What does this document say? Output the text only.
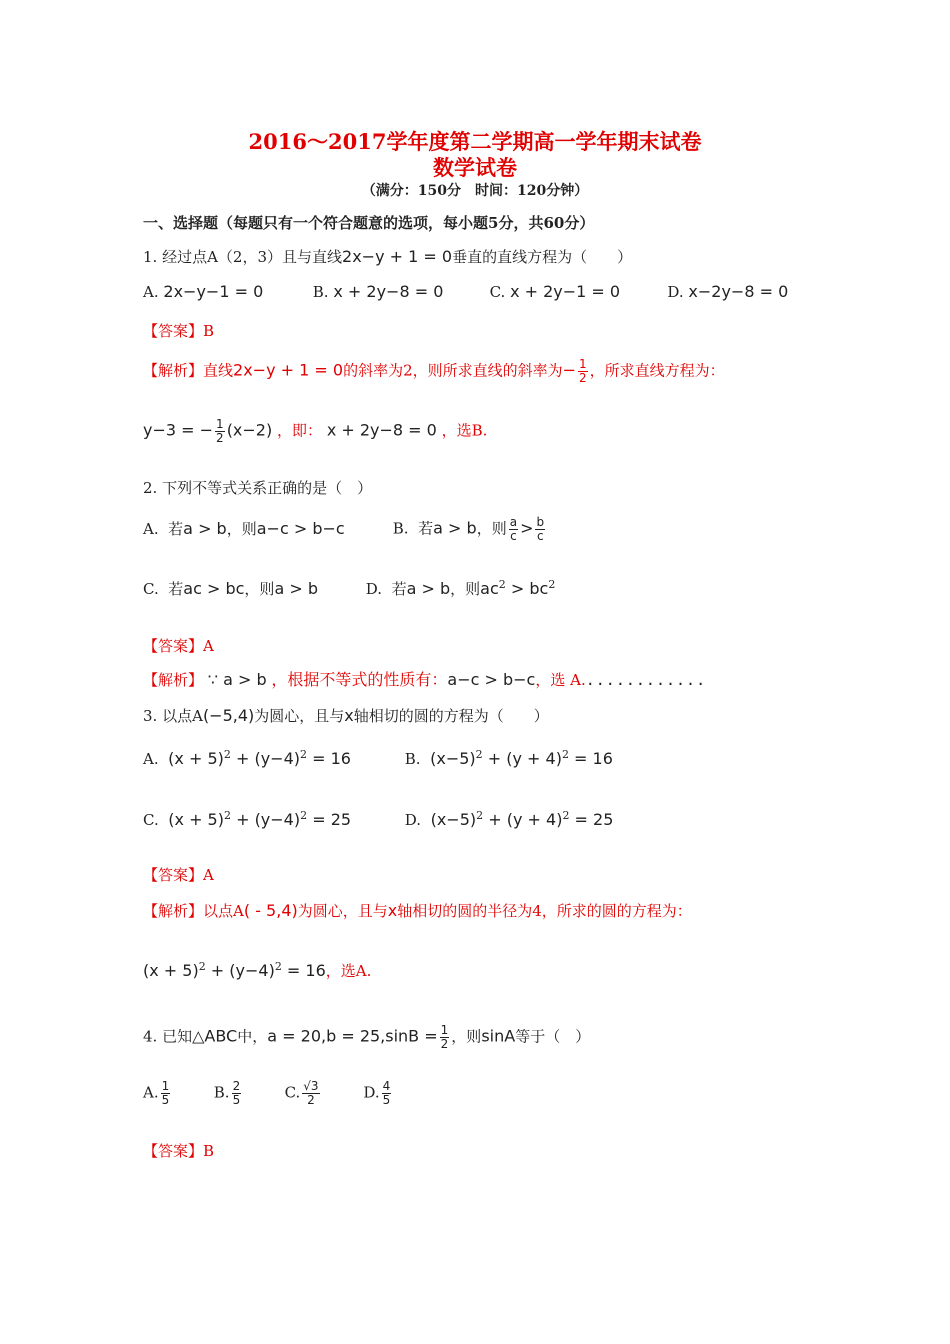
2016～2017学年度第二学期高一学年期末试卷
数学试卷
（满分：150分　时间：120分钟）
一、选择题（每题只有一个符合题意的选项，每小题5分，共60分）
1. 经过点A（2，3）且与直线2x−y + 1 = 0垂直的直线方程为（　　）
A. 2x−y−1 = 0	B. x + 2y−8 = 0	C. x + 2y−1 = 0	D. x−2y−8 = 0
【答案】B
【解析】直线2x−y + 1 = 0的斜率为2，则所求直线的斜率为− $\frac{1}{2}$ ，所求直线方程为：
y−3 = − $\frac{1}{2} (x-2)$ ，即： x + 2y−8 = 0 ，选B.
2. 下列不等式关系正确的是（　）
A. 若a > b，则a−c > b−c	B. 若a > b，则 $\frac{a}{c} > \frac{b}{c}$
C. 若ac > bc，则a > b	D. 若a > b，则$ac^2 > bc^2$
【答案】A
【解析】 ∵ a > b ，根据不等式的性质有：a−c > b−c，选 A.............
3. 以点A(−5,4)为圆心，且与x轴相切的圆的方程为（　　）
A. $(x + 5)^2 + (y-4)^2 = 16$	B. $(x-5)^2 + (y + 4)^2 = 16$
C. $(x + 5)^2 + (y-4)^2 = 25$	D. $(x-5)^2 + (y + 4)^2 = 25$
【答案】A
【解析】以点A( - 5,4)为圆心，且与x轴相切的圆的半径为4，所求的圆的方程为：
$(x + 5)^2 + (y-4)^2 = 16$，选A.
4. 已知△ABC中，$a = 20,b = 25,\sin B = \frac{1}{2}$ ，则sinA等于（　）
A. $\frac{1}{5}$	B. $\frac{2}{5}$	C. $\frac{√3}{2}$	D. $\frac{4}{5}$
【答案】B
